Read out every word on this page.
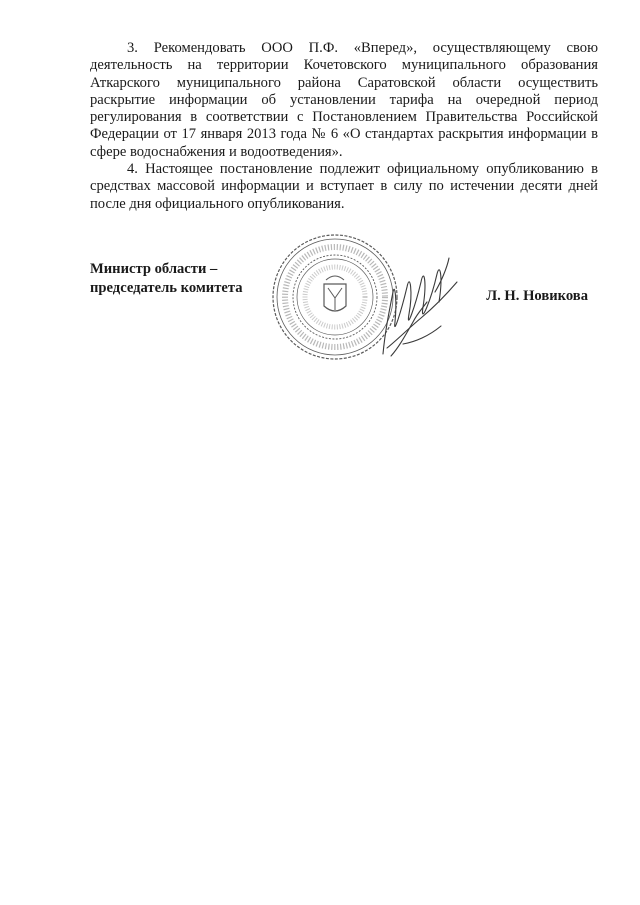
3. Рекомендовать ООО П.Ф. «Вперед», осуществляющему свою деятельность на территории Кочетовского муниципального образования Аткарского муниципального района Саратовской области осуществить раскрытие информации об установлении тарифа на очередной период регулирования в соответствии с Постановлением Правительства Российской Федерации от 17 января 2013 года № 6 «О стандартах раскрытия информации в сфере водоснабжения и водоотведения».

4. Настоящее постановление подлежит официальному опубликованию в средствах массовой информации и вступает в силу по истечении десяти дней после дня официального опубликования.

Министр области –
председатель комитета	Л. Н. Новикова
